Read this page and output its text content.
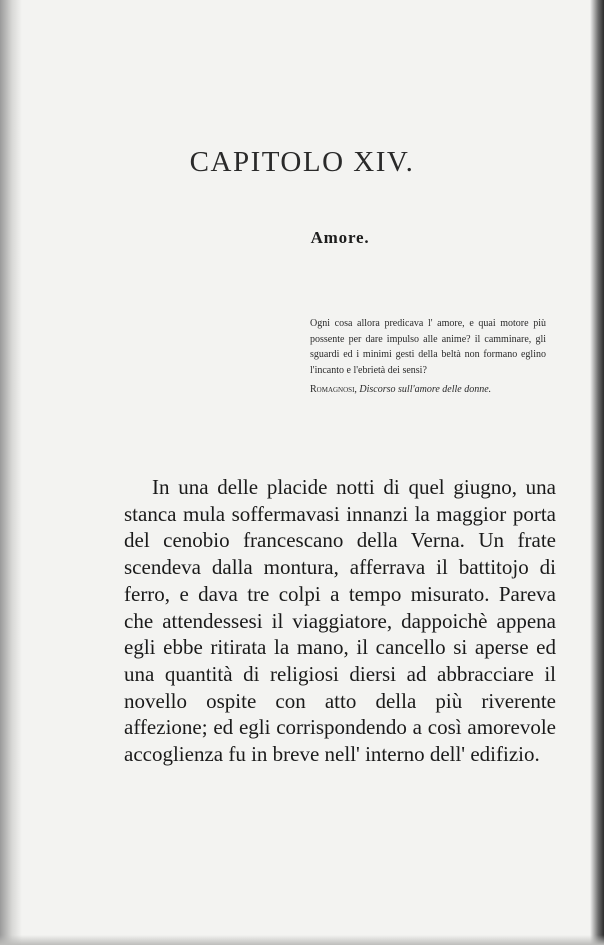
CAPITOLO XIV.
Amore.

Ogni cosa allora predicava l' amore, e quai motore più possente per dare impulso alle anime? il camminare, gli sguardi ed i minimi gesti della beltà non formano eglino l'incanto e l'ebrietà dei sensi?

Romagnosi, Discorso sull'amore delle donne.

In una delle placide notti di quel giugno, una stanca mula soffermavasi innanzi la maggior porta del cenobio francescano della Verna. Un frate scendeva dalla montura, afferrava il battitojo di ferro, e dava tre colpi a tempo misurato. Pareva che attendessesi il viaggiatore, dappoichè appena egli ebbe ritirata la mano, il cancello si aperse ed una quantità di religiosi diersi ad abbracciare il novello ospite con atto della più riverente affezione; ed egli corrispondendo a così amorevole accoglienza fu in breve nell' interno dell' edifizio.
